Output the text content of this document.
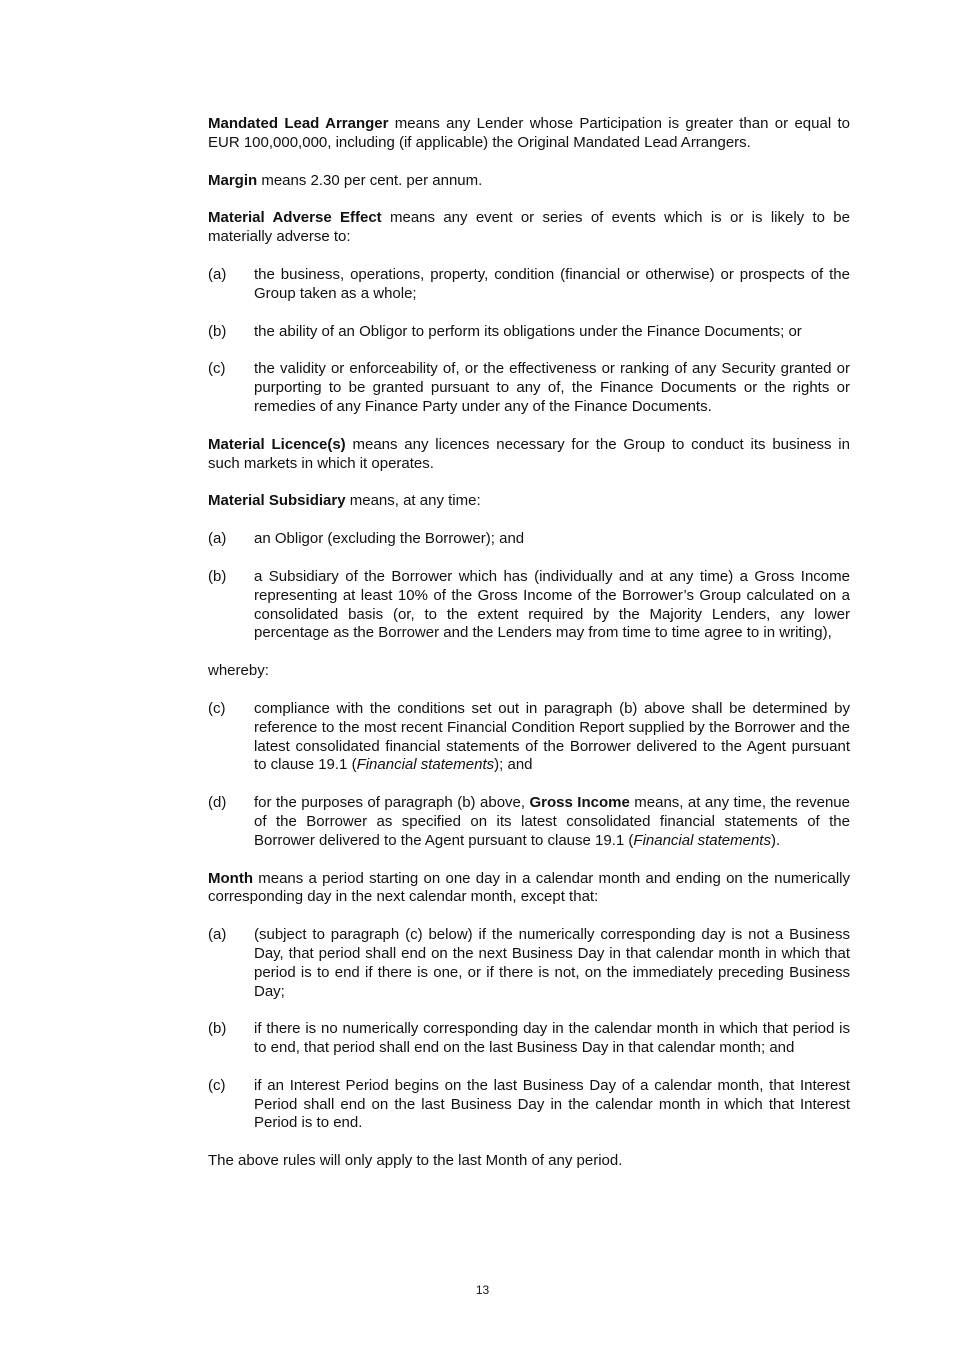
Mandated Lead Arranger means any Lender whose Participation is greater than or equal to EUR 100,000,000, including (if applicable) the Original Mandated Lead Arrangers.

Margin means 2.30 per cent. per annum.

Material Adverse Effect means any event or series of events which is or is likely to be materially adverse to:

(a)	the business, operations, property, condition (financial or otherwise) or prospects of the Group taken as a whole;
(b)	the ability of an Obligor to perform its obligations under the Finance Documents; or
(c)	the validity or enforceability of, or the effectiveness or ranking of any Security granted or purporting to be granted pursuant to any of, the Finance Documents or the rights or remedies of any Finance Party under any of the Finance Documents.

Material Licence(s) means any licences necessary for the Group to conduct its business in such markets in which it operates.

Material Subsidiary means, at any time:

(a)	an Obligor (excluding the Borrower); and
(b)	a Subsidiary of the Borrower which has (individually and at any time) a Gross Income representing at least 10% of the Gross Income of the Borrower’s Group calculated on a consolidated basis (or, to the extent required by the Majority Lenders, any lower percentage as the Borrower and the Lenders may from time to time agree to in writing),

whereby:

(c)	compliance with the conditions set out in paragraph (b) above shall be determined by reference to the most recent Financial Condition Report supplied by the Borrower and the latest consolidated financial statements of the Borrower delivered to the Agent pursuant to clause 19.1 (Financial statements); and
(d)	for the purposes of paragraph (b) above, Gross Income means, at any time, the revenue of the Borrower as specified on its latest consolidated financial statements of the Borrower delivered to the Agent pursuant to clause 19.1 (Financial statements).

Month means a period starting on one day in a calendar month and ending on the numerically corresponding day in the next calendar month, except that:

(a)	(subject to paragraph (c) below) if the numerically corresponding day is not a Business Day, that period shall end on the next Business Day in that calendar month in which that period is to end if there is one, or if there is not, on the immediately preceding Business Day;
(b)	if there is no numerically corresponding day in the calendar month in which that period is to end, that period shall end on the last Business Day in that calendar month; and
(c)	if an Interest Period begins on the last Business Day of a calendar month, that Interest Period shall end on the last Business Day in the calendar month in which that Interest Period is to end.

The above rules will only apply to the last Month of any period.

13
